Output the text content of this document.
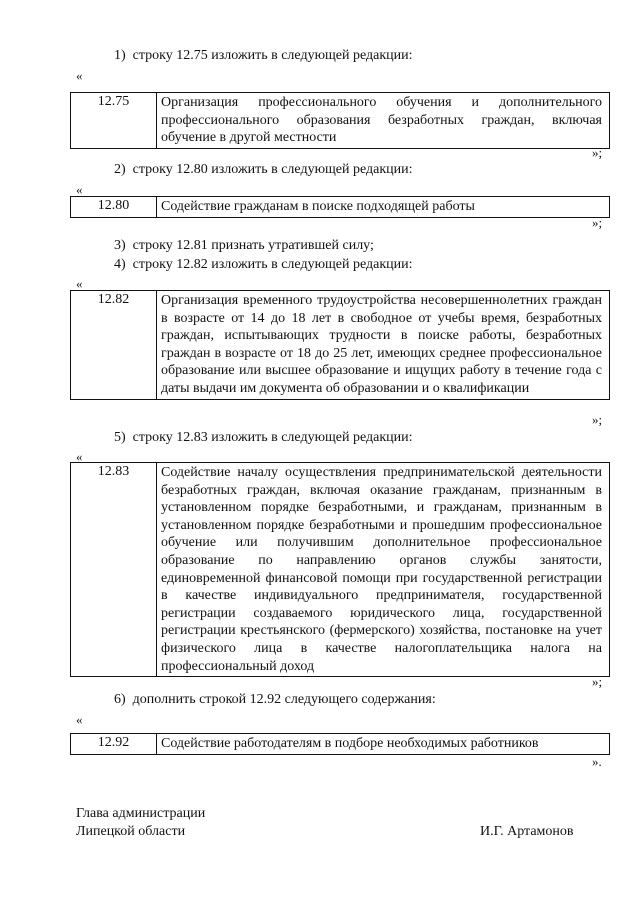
1) строку 12.75 изложить в следующей редакции:
«
12.75	Организация профессионального обучения и дополнительного профессионального образования безработных граждан, включая обучение в другой местности
»;
2) строку 12.80 изложить в следующей редакции:
«
12.80	Содействие гражданам в поиске подходящей работы
»;
3) строку 12.81 признать утратившей силу;
4) строку 12.82 изложить в следующей редакции:
«
12.82	Организация временного трудоустройства несовершеннолетних граждан в возрасте от 14 до 18 лет в свободное от учебы время, безработных граждан, испытывающих трудности в поиске работы, безработных граждан в возрасте от 18 до 25 лет, имеющих среднее профессиональное образование или высшее образование и ищущих работу в течение года с даты выдачи им документа об образовании и о квалификации
»;
5) строку 12.83 изложить в следующей редакции:
«
12.83	Содействие началу осуществления предпринимательской деятельности безработных граждан, включая оказание гражданам, признанным в установленном порядке безработными, и гражданам, признанным в установленном порядке безработными и прошедшим профессиональное обучение или получившим дополнительное профессиональное образование по направлению органов службы занятости, единовременной финансовой помощи при государственной регистрации в качестве индивидуального предпринимателя, государственной регистрации создаваемого юридического лица, государственной регистрации крестьянского (фермерского) хозяйства, постановке на учет физического лица в качестве налогоплательщика налога на профессиональный доход
»;
6) дополнить строкой 12.92 следующего содержания:
«
12.92	Содействие работодателям в подборе необходимых работников
».
Глава администрации
Липецкой области	И.Г. Артамонов
